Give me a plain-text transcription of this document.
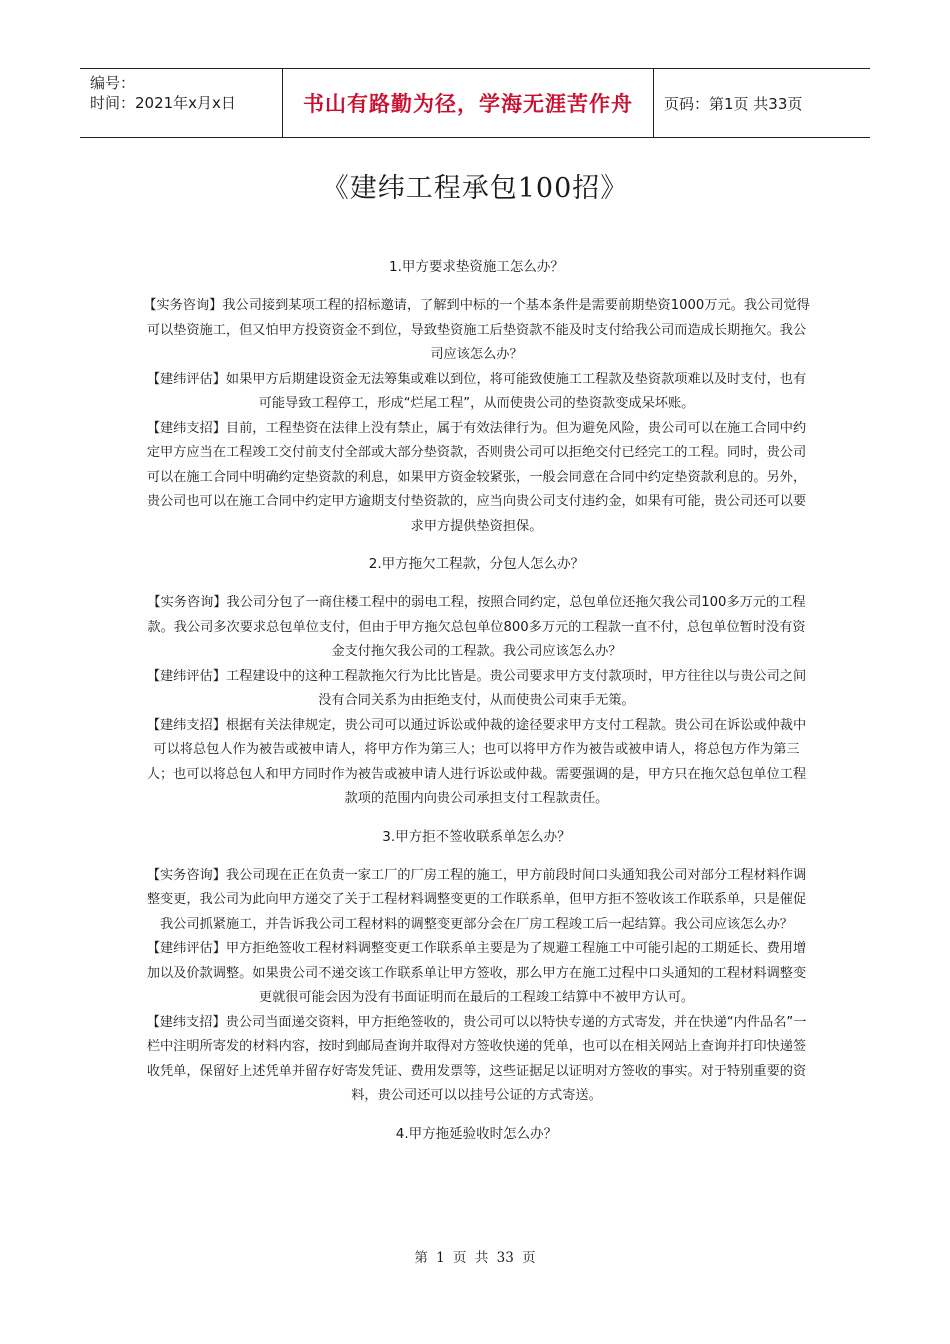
编号：
时间：2021年x月x日	书山有路勤为径，学海无涯苦作舟	页码：第1页 共33页
《建纬工程承包100招》

1.甲方要求垫资施工怎么办？

【实务咨询】我公司接到某项工程的招标邀请，了解到中标的一个基本条件是需要前期垫资1000万元。我公司觉得可以垫资施工，但又怕甲方投资资金不到位，导致垫资施工后垫资款不能及时支付给我公司而造成长期拖欠。我公司应该怎么办？

【建纬评估】如果甲方后期建设资金无法筹集或难以到位，将可能致使施工工程款及垫资款项难以及时支付，也有可能导致工程停工，形成“烂尾工程”，从而使贵公司的垫资款变成呆坏账。

【建纬支招】目前，工程垫资在法律上没有禁止，属于有效法律行为。但为避免风险，贵公司可以在施工合同中约定甲方应当在工程竣工交付前支付全部或大部分垫资款，否则贵公司可以拒绝交付已经完工的工程。同时，贵公司可以在施工合同中明确约定垫资款的利息，如果甲方资金较紧张，一般会同意在合同中约定垫资款利息的。另外，贵公司也可以在施工合同中约定甲方逾期支付垫资款的，应当向贵公司支付违约金，如果有可能，贵公司还可以要求甲方提供垫资担保。

2.甲方拖欠工程款，分包人怎么办？

【实务咨询】我公司分包了一商住楼工程中的弱电工程，按照合同约定，总包单位还拖欠我公司100多万元的工程款。我公司多次要求总包单位支付，但由于甲方拖欠总包单位800多万元的工程款一直不付，总包单位暂时没有资金支付拖欠我公司的工程款。我公司应该怎么办？

【建纬评估】工程建设中的这种工程款拖欠行为比比皆是。贵公司要求甲方支付款项时，甲方往往以与贵公司之间没有合同关系为由拒绝支付，从而使贵公司束手无策。

【建纬支招】根据有关法律规定，贵公司可以通过诉讼或仲裁的途径要求甲方支付工程款。贵公司在诉讼或仲裁中可以将总包人作为被告或被申请人，将甲方作为第三人；也可以将甲方作为被告或被申请人，将总包方作为第三人；也可以将总包人和甲方同时作为被告或被申请人进行诉讼或仲裁。需要强调的是，甲方只在拖欠总包单位工程款项的范围内向贵公司承担支付工程款责任。

3.甲方拒不签收联系单怎么办？

【实务咨询】我公司现在正在负责一家工厂的厂房工程的施工，甲方前段时间口头通知我公司对部分工程材料作调整变更，我公司为此向甲方递交了关于工程材料调整变更的工作联系单，但甲方拒不签收该工作联系单，只是催促我公司抓紧施工，并告诉我公司工程材料的调整变更部分会在厂房工程竣工后一起结算。我公司应该怎么办？

【建纬评估】甲方拒绝签收工程材料调整变更工作联系单主要是为了规避工程施工中可能引起的工期延长、费用增加以及价款调整。如果贵公司不递交该工作联系单让甲方签收，那么甲方在施工过程中口头通知的工程材料调整变更就很可能会因为没有书面证明而在最后的工程竣工结算中不被甲方认可。

【建纬支招】贵公司当面递交资料，甲方拒绝签收的，贵公司可以以特快专递的方式寄发，并在快递“内件品名”一栏中注明所寄发的材料内容，按时到邮局查询并取得对方签收快递的凭单，也可以在相关网站上查询并打印快递签收凭单，保留好上述凭单并留存好寄发凭证、费用发票等，这些证据足以证明对方签收的事实。对于特别重要的资料，贵公司还可以以挂号公证的方式寄送。

4.甲方拖延验收时怎么办？

第 1 页 共 33 页
